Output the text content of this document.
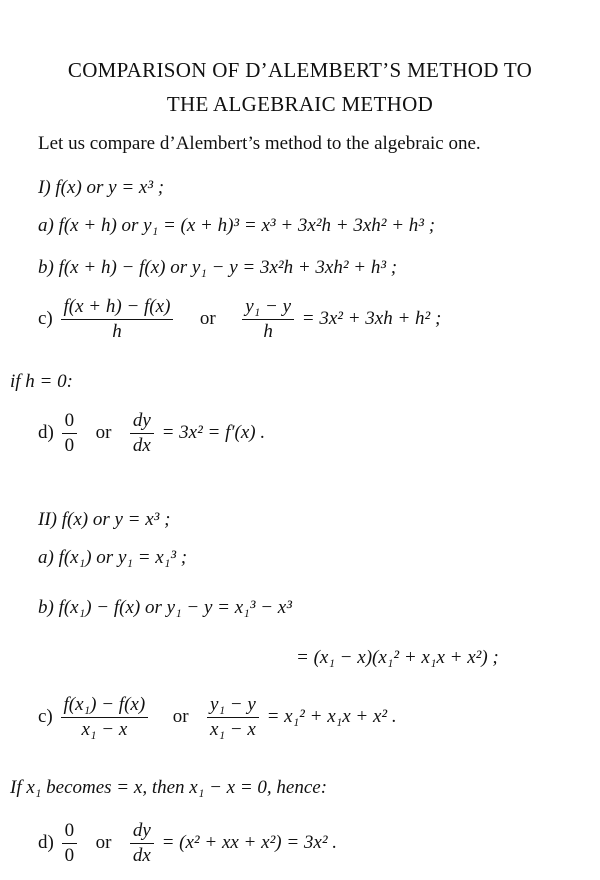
COMPARISON OF D’ALEMBERT’S METHOD TO
THE ALGEBRAIC METHOD
Let us compare d’Alembert’s method to the algebraic one.
I) f(x) or y = x³ ;
a) f(x + h) or y₁ = (x + h)³ = x³ + 3x²h + 3xh² + h³ ;
b) f(x + h) − f(x) or y₁ − y = 3x²h + 3xh² + h³ ;
$c) \frac{f(x + h) - f(x)}{h}$ or $\frac{\text{y₁ − y}}{h} = 3x^2 + 3xh + h^2$ ;
if h = 0:
$d) \frac{0}{0}$ or $\frac{dy}{dx} = 3x^2 = f'(x)$ .
II) f(x) or y = x³ ;
a) f(x₁) or y₁ = x₁³ ;
b) f(x₁) − f(x) or y₁ − y = x₁³ − x³
= (x₁ − x)(x₁² + x₁x + x²) ;
$c) \frac{\text{f(x₁) − f(x)}}{\text{x₁ − x}}$ or $\frac{\text{y₁ − y}}{\text{x₁ − x}} = x_1^2 + x_1x + x^2$ .
If x₁ becomes = x, then x₁ − x = 0, hence:
$d) \frac{0}{0}$ or $\frac{dy}{dx} = (x^2$ + xx + x²) = 3x² .
